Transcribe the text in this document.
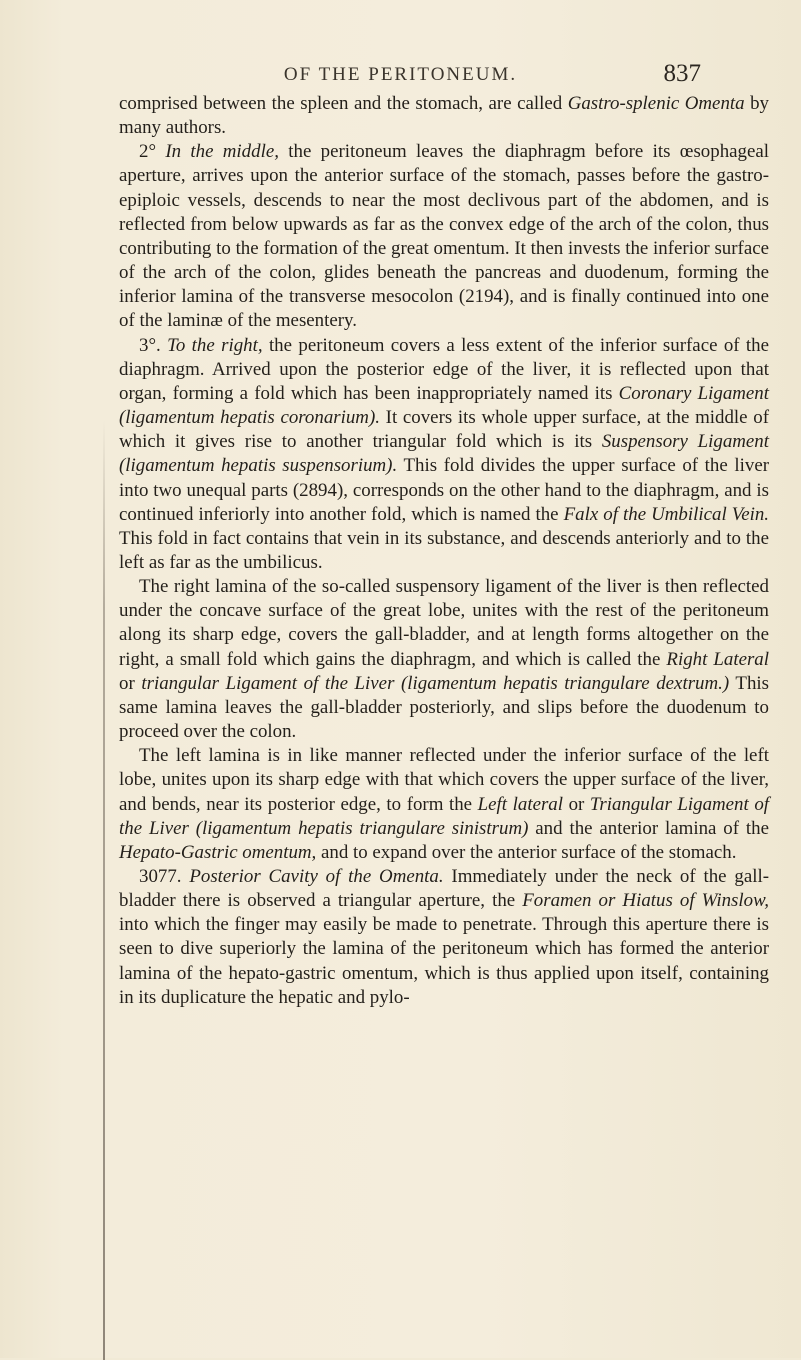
OF THE PERITONEUM.	837

comprised between the spleen and the stomach, are called Gastro-splenic Omenta by many authors.

2° In the middle, the peritoneum leaves the diaphragm before its œsophageal aperture, arrives upon the anterior surface of the stomach, passes before the gastro-epiploic vessels, descends to near the most declivous part of the abdomen, and is reflected from below upwards as far as the convex edge of the arch of the colon, thus contributing to the formation of the great omentum. It then invests the inferior surface of the arch of the colon, glides beneath the pancreas and duodenum, forming the inferior lamina of the transverse mesocolon (2194), and is finally continued into one of the laminæ of the mesentery.

3°. To the right, the peritoneum covers a less extent of the inferior surface of the diaphragm. Arrived upon the posterior edge of the liver, it is reflected upon that organ, forming a fold which has been inappropriately named its Coronary Ligament (ligamentum hepatis coronarium). It covers its whole upper surface, at the middle of which it gives rise to another triangular fold which is its Suspensory Ligament (ligamentum hepatis suspensorium). This fold divides the upper surface of the liver into two unequal parts (2894), corresponds on the other hand to the diaphragm, and is continued inferiorly into another fold, which is named the Falx of the Umbilical Vein. This fold in fact contains that vein in its substance, and descends anteriorly and to the left as far as the umbilicus.

The right lamina of the so-called suspensory ligament of the liver is then reflected under the concave surface of the great lobe, unites with the rest of the peritoneum along its sharp edge, covers the gall-bladder, and at length forms altogether on the right, a small fold which gains the diaphragm, and which is called the Right Lateral or triangular Ligament of the Liver (ligamentum hepatis triangulare dextrum.) This same lamina leaves the gall-bladder posteriorly, and slips before the duodenum to proceed over the colon.

The left lamina is in like manner reflected under the inferior surface of the left lobe, unites upon its sharp edge with that which covers the upper surface of the liver, and bends, near its posterior edge, to form the Left lateral or Triangular Ligament of the Liver (ligamentum hepatis triangulare sinistrum) and the anterior lamina of the Hepato-Gastric omentum, and to expand over the anterior surface of the stomach.

3077. Posterior Cavity of the Omenta. Immediately under the neck of the gall-bladder there is observed a triangular aperture, the Foramen or Hiatus of Winslow, into which the finger may easily be made to penetrate. Through this aperture there is seen to dive superiorly the lamina of the peritoneum which has formed the anterior lamina of the hepato-gastric omentum, which is thus applied upon itself, containing in its duplicature the hepatic and pylo-
